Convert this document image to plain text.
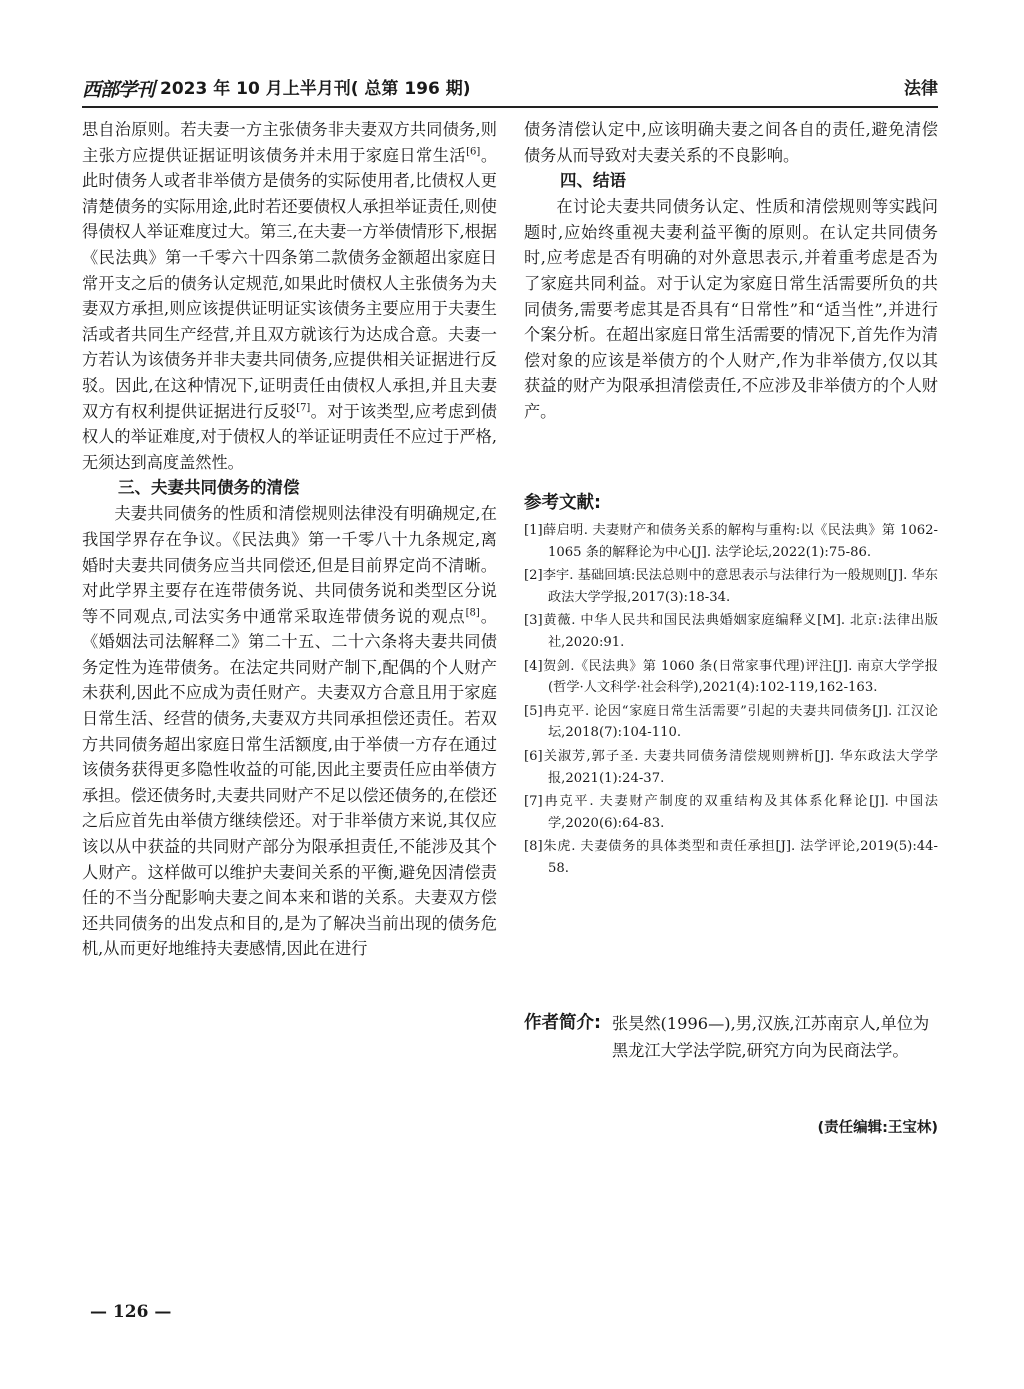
西部学刊 2023 年 10 月上半月刊( 总第 196 期)	法律

思自治原则。若夫妻一方主张债务非夫妻双方共同债务,则主张方应提供证据证明该债务并未用于家庭日常生活[6]。此时债务人或者非举债方是债务的实际使用者,比债权人更清楚债务的实际用途,此时若还要债权人承担举证责任,则使得债权人举证难度过大。第三,在夫妻一方举债情形下,根据《民法典》第一千零六十四条第二款债务金额超出家庭日常开支之后的债务认定规范,如果此时债权人主张债务为夫妻双方承担,则应该提供证明证实该债务主要应用于夫妻生活或者共同生产经营,并且双方就该行为达成合意。夫妻一方若认为该债务并非夫妻共同债务,应提供相关证据进行反驳。因此,在这种情况下,证明责任由债权人承担,并且夫妻双方有权利提供证据进行反驳[7]。对于该类型,应考虑到债权人的举证难度,对于债权人的举证证明责任不应过于严格,无须达到高度盖然性。

三、夫妻共同债务的清偿

夫妻共同债务的性质和清偿规则法律没有明确规定,在我国学界存在争议。《民法典》第一千零八十九条规定,离婚时夫妻共同债务应当共同偿还,但是目前界定尚不清晰。对此学界主要存在连带债务说、共同债务说和类型区分说等不同观点,司法实务中通常采取连带债务说的观点[8]。《婚姻法司法解释二》第二十五、二十六条将夫妻共同债务定性为连带债务。在法定共同财产制下,配偶的个人财产未获利,因此不应成为责任财产。夫妻双方合意且用于家庭日常生活、经营的债务,夫妻双方共同承担偿还责任。若双方共同债务超出家庭日常生活额度,由于举债一方存在通过该债务获得更多隐性收益的可能,因此主要责任应由举债方承担。偿还债务时,夫妻共同财产不足以偿还债务的,在偿还之后应首先由举债方继续偿还。对于非举债方来说,其仅应该以从中获益的共同财产部分为限承担责任,不能涉及其个人财产。这样做可以维护夫妻间关系的平衡,避免因清偿责任的不当分配影响夫妻之间本来和谐的关系。夫妻双方偿还共同债务的出发点和目的,是为了解决当前出现的债务危机,从而更好地维持夫妻感情,因此在进行

债务清偿认定中,应该明确夫妻之间各自的责任,避免清偿债务从而导致对夫妻关系的不良影响。

四、结语

在讨论夫妻共同债务认定、性质和清偿规则等实践问题时,应始终重视夫妻利益平衡的原则。在认定共同债务时,应考虑是否有明确的对外意思表示,并着重考虑是否为了家庭共同利益。对于认定为家庭日常生活需要所负的共同债务,需要考虑其是否具有“日常性”和“适当性”,并进行个案分析。在超出家庭日常生活需要的情况下,首先作为清偿对象的应该是举债方的个人财产,作为非举债方,仅以其获益的财产为限承担清偿责任,不应涉及非举债方的个人财产。

参考文献:
[1]薛启明. 夫妻财产和债务关系的解构与重构:以《民法典》第 1062-1065 条的解释论为中心[J]. 法学论坛,2022(1):75-86.
[2]李宇. 基础回填:民法总则中的意思表示与法律行为一般规则[J]. 华东政法大学学报,2017(3):18-34.
[3]黄薇. 中华人民共和国民法典婚姻家庭编释义[M]. 北京:法律出版社,2020:91.
[4]贺剑.《民法典》第 1060 条(日常家事代理)评注[J]. 南京大学学报(哲学·人文科学·社会科学),2021(4):102-119,162-163.
[5]冉克平. 论因“家庭日常生活需要”引起的夫妻共同债务[J]. 江汉论坛,2018(7):104-110.
[6]关淑芳,郭子圣. 夫妻共同债务清偿规则辨析[J]. 华东政法大学学报,2021(1):24-37.
[7]冉克平. 夫妻财产制度的双重结构及其体系化释论[J]. 中国法学,2020(6):64-83.
[8]朱虎. 夫妻债务的具体类型和责任承担[J]. 法学评论,2019(5):44-58.
作者简介: 张昊然(1996—),男,汉族,江苏南京人,单位为黑龙江大学法学院,研究方向为民商法学。
(责任编辑:王宝林)
— 126 —
